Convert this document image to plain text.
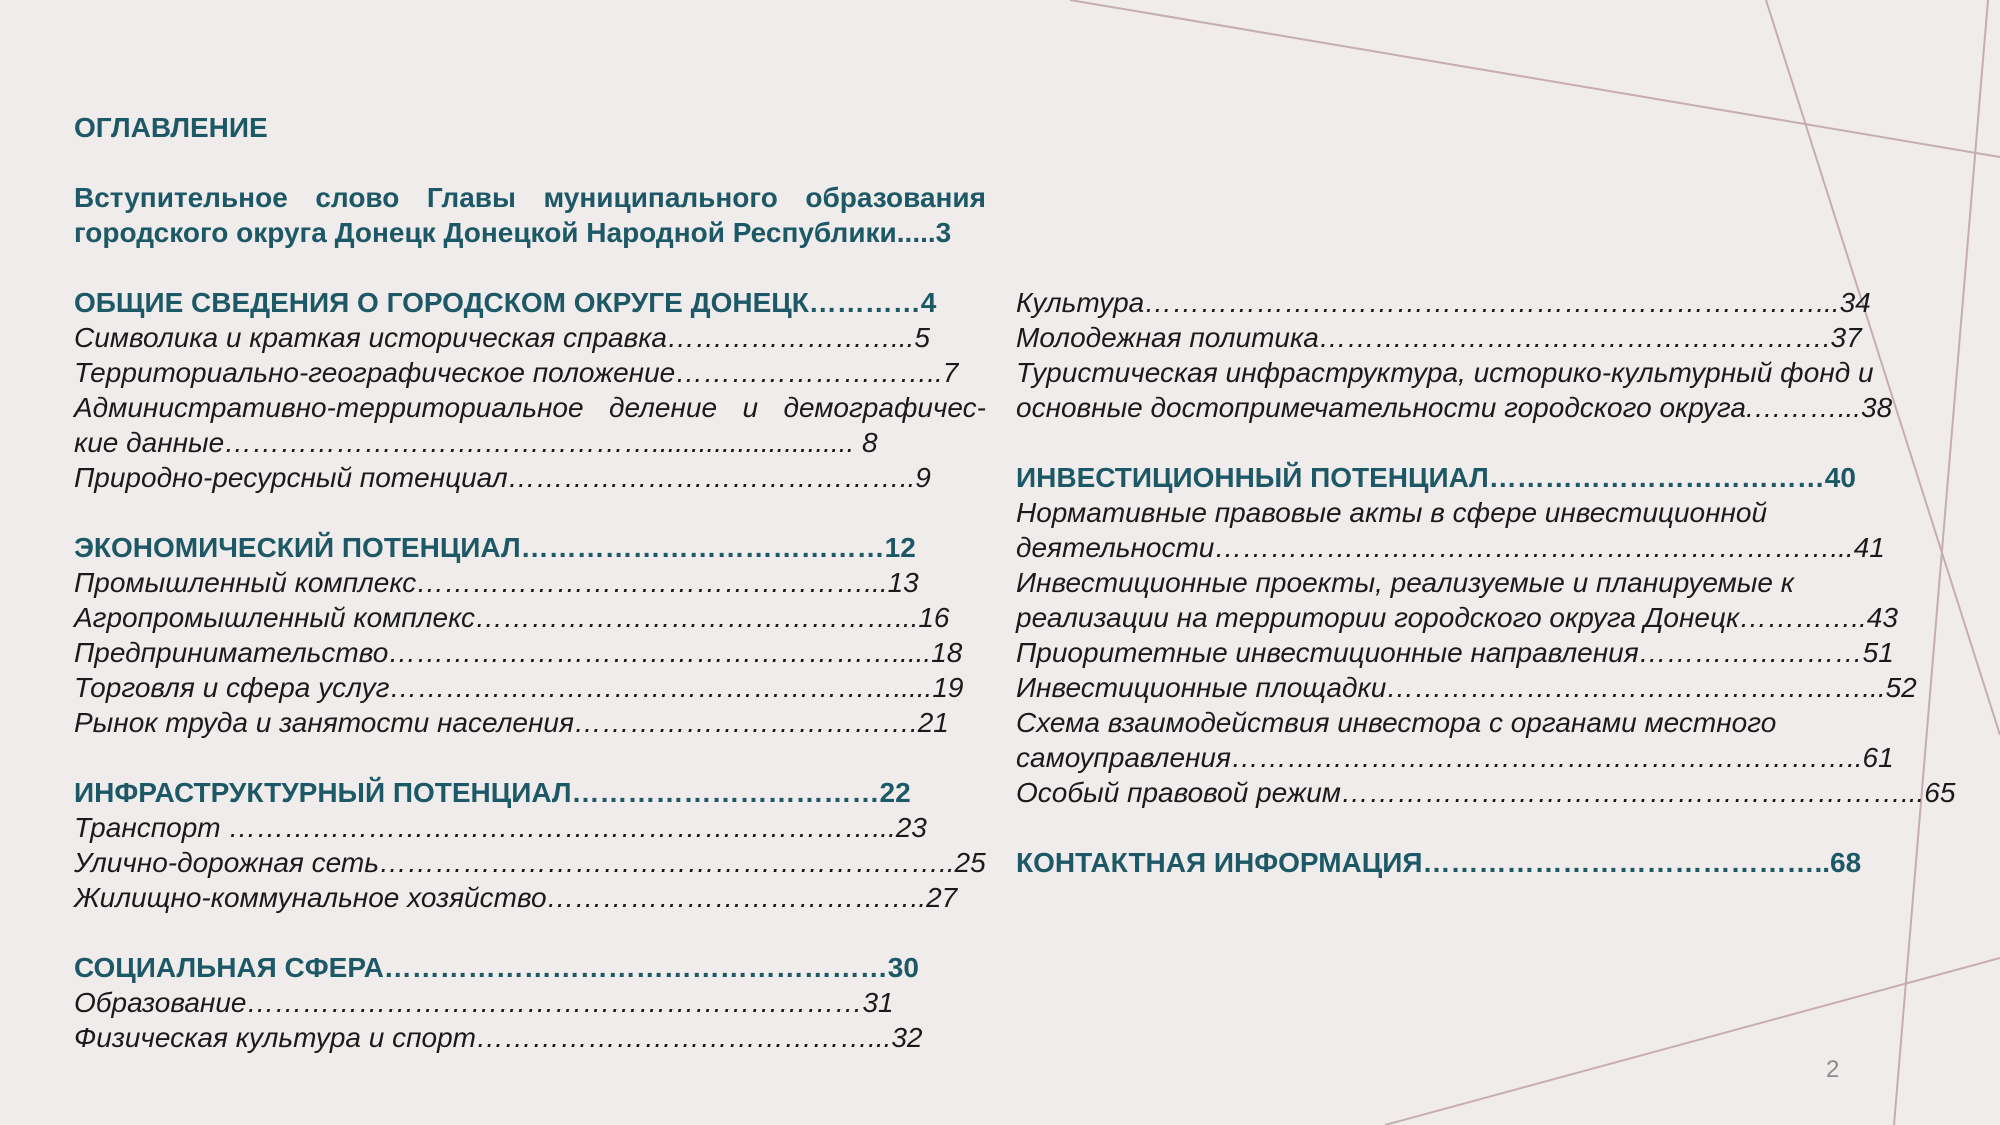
ОГЛАВЛЕНИЕ
Вступительное слово Главы муниципального образования
городского округа Донецк Донецкой Народной Республики.....3
ОБЩИЕ СВЕДЕНИЯ О ГОРОДСКОМ ОКРУГЕ ДОНЕЦК…………4
Символика и краткая историческая справка……………………...5
Территориально-географическое положение………………………..7
Административно-территориальное деление и демографичес-
кие данные……………………….……………….......................... 8
Природно-ресурсный потенциал……………………………………..9
ЭКОНОМИЧЕСКИЙ ПОТЕНЦИАЛ…………………………………12
Промышленный комплекс…………………………………………...13
Агропромышленный комплекс………………………………………...16
Предпринимательство……………………………………………….....18
Торговля и сфера услуг……………………………………………….....19
Рынок труда и занятости населения……………………………….21
ИНФРАСТРУКТУРНЫЙ ПОТЕНЦИАЛ……………………………22
Транспорт ……………………………………………………………...23
Улично-дорожная сеть……………………………………………………..25
Жилищно-коммунальное хозяйство…………………………………..27
СОЦИАЛЬНАЯ СФЕРА………………………………………………30
Образование…………………………………………………………31
Физическая культура и спорт……………………………………...32
Культура………………………………………………………………...34
Молодежная политика……………………………………………….37
Туристическая инфраструктура, историко-культурный фонд и
основные достопримечательности городского округа.………...38
ИНВЕСТИЦИОННЫЙ ПОТЕНЦИАЛ………………………………40
Нормативные правовые акты в сфере инвестиционной
деятельности…………………………………………………………...41
Инвестиционные проекты, реализуемые и планируемые к
реализации на территории городского округа Донецк…………..43
Приоритетные инвестиционные направления……………………51
Инвестиционные площадки……………………………………………...52
Схема взаимодействия инвестора с органами местного
самоуправления…………………………………………………………..61
Особый правовой режим……………………………………………………...65
КОНТАКТНАЯ ИНФОРМАЦИЯ……………………………………..68
2
